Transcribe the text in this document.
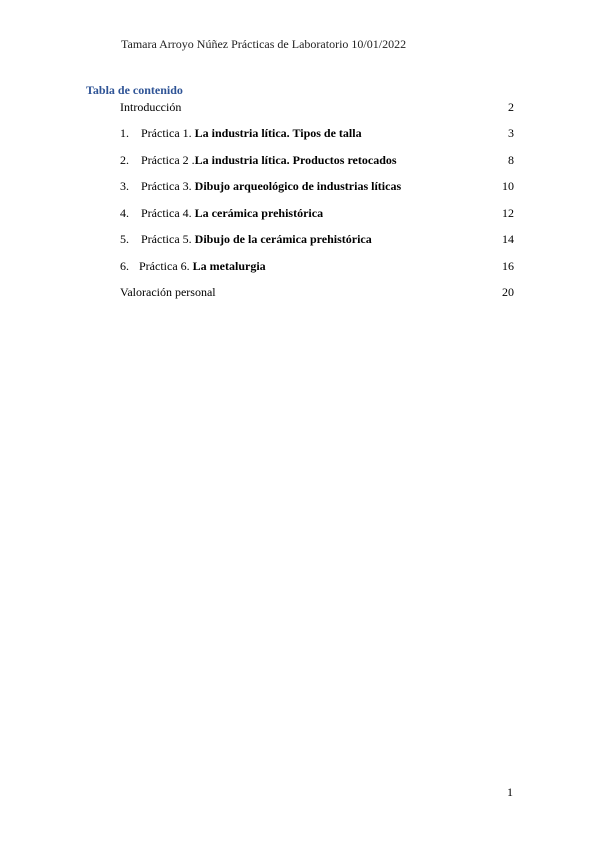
Tamara Arroyo Núñez Prácticas de Laboratorio 10/01/2022
Tabla de contenido
Introducción	2
1.	Práctica 1. La industria lítica. Tipos de talla	3
2.	Práctica 2 . La industria lítica. Productos retocados	8
3.	Práctica 3. Dibujo arqueológico de industrias líticas	10
4.	Práctica 4. La cerámica prehistórica	12
5.	Práctica 5. Dibujo de la cerámica prehistórica	14
6. Práctica 6. La metalurgia	16
Valoración personal	20
1
